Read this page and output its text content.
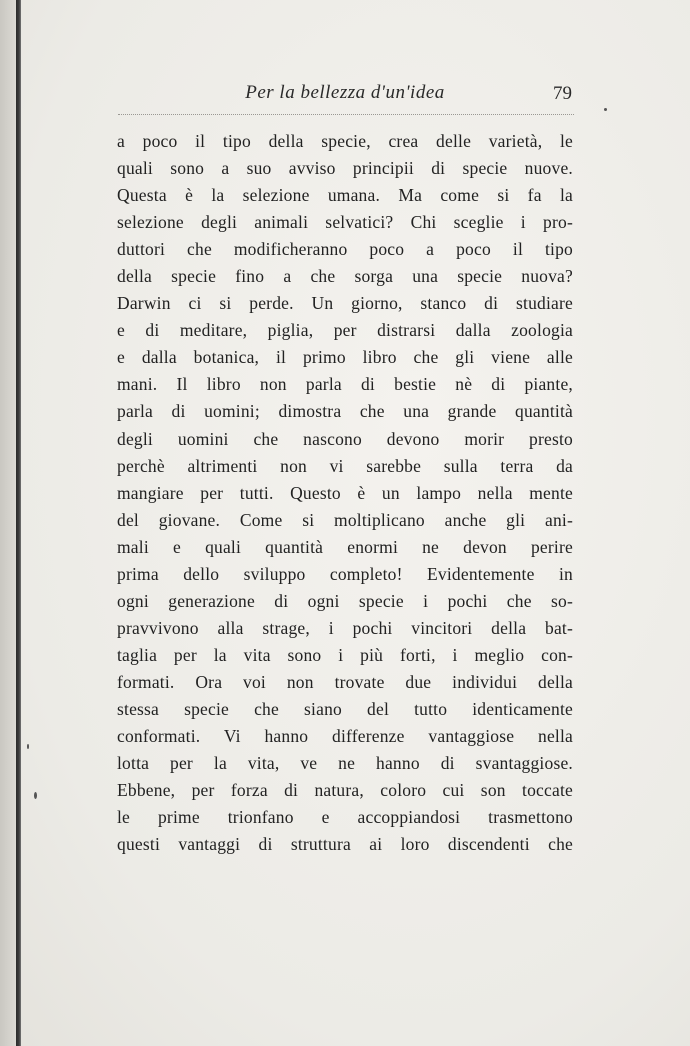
Per la bellezza d'un'idea	79
a poco il tipo della specie, crea delle varietà, le
quali sono a suo avviso principii di specie nuove.
Questa è la selezione umana. Ma come si fa la
selezione degli animali selvatici? Chi sceglie i pro-
duttori che modificheranno poco a poco il tipo
della specie fino a che sorga una specie nuova?
Darwin ci si perde. Un giorno, stanco di studiare
e di meditare, piglia, per distrarsi dalla zoologia
e dalla botanica, il primo libro che gli viene alle
mani. Il libro non parla di bestie nè di piante,
parla di uomini; dimostra che una grande quantità
degli uomini che nascono devono morir presto
perchè altrimenti non vi sarebbe sulla terra da
mangiare per tutti. Questo è un lampo nella mente
del giovane. Come si moltiplicano anche gli ani-
mali e quali quantità enormi ne devon perire
prima dello sviluppo completo! Evidentemente in
ogni generazione di ogni specie i pochi che so-
pravvivono alla strage, i pochi vincitori della bat-
taglia per la vita sono i più forti, i meglio con-
formati. Ora voi non trovate due individui della
stessa specie che siano del tutto identicamente
conformati. Vi hanno differenze vantaggiose nella
lotta per la vita, ve ne hanno di svantaggiose.
Ebbene, per forza di natura, coloro cui son toccate
le prime trionfano e accoppiandosi trasmettono
questi vantaggi di struttura ai loro discendenti che
